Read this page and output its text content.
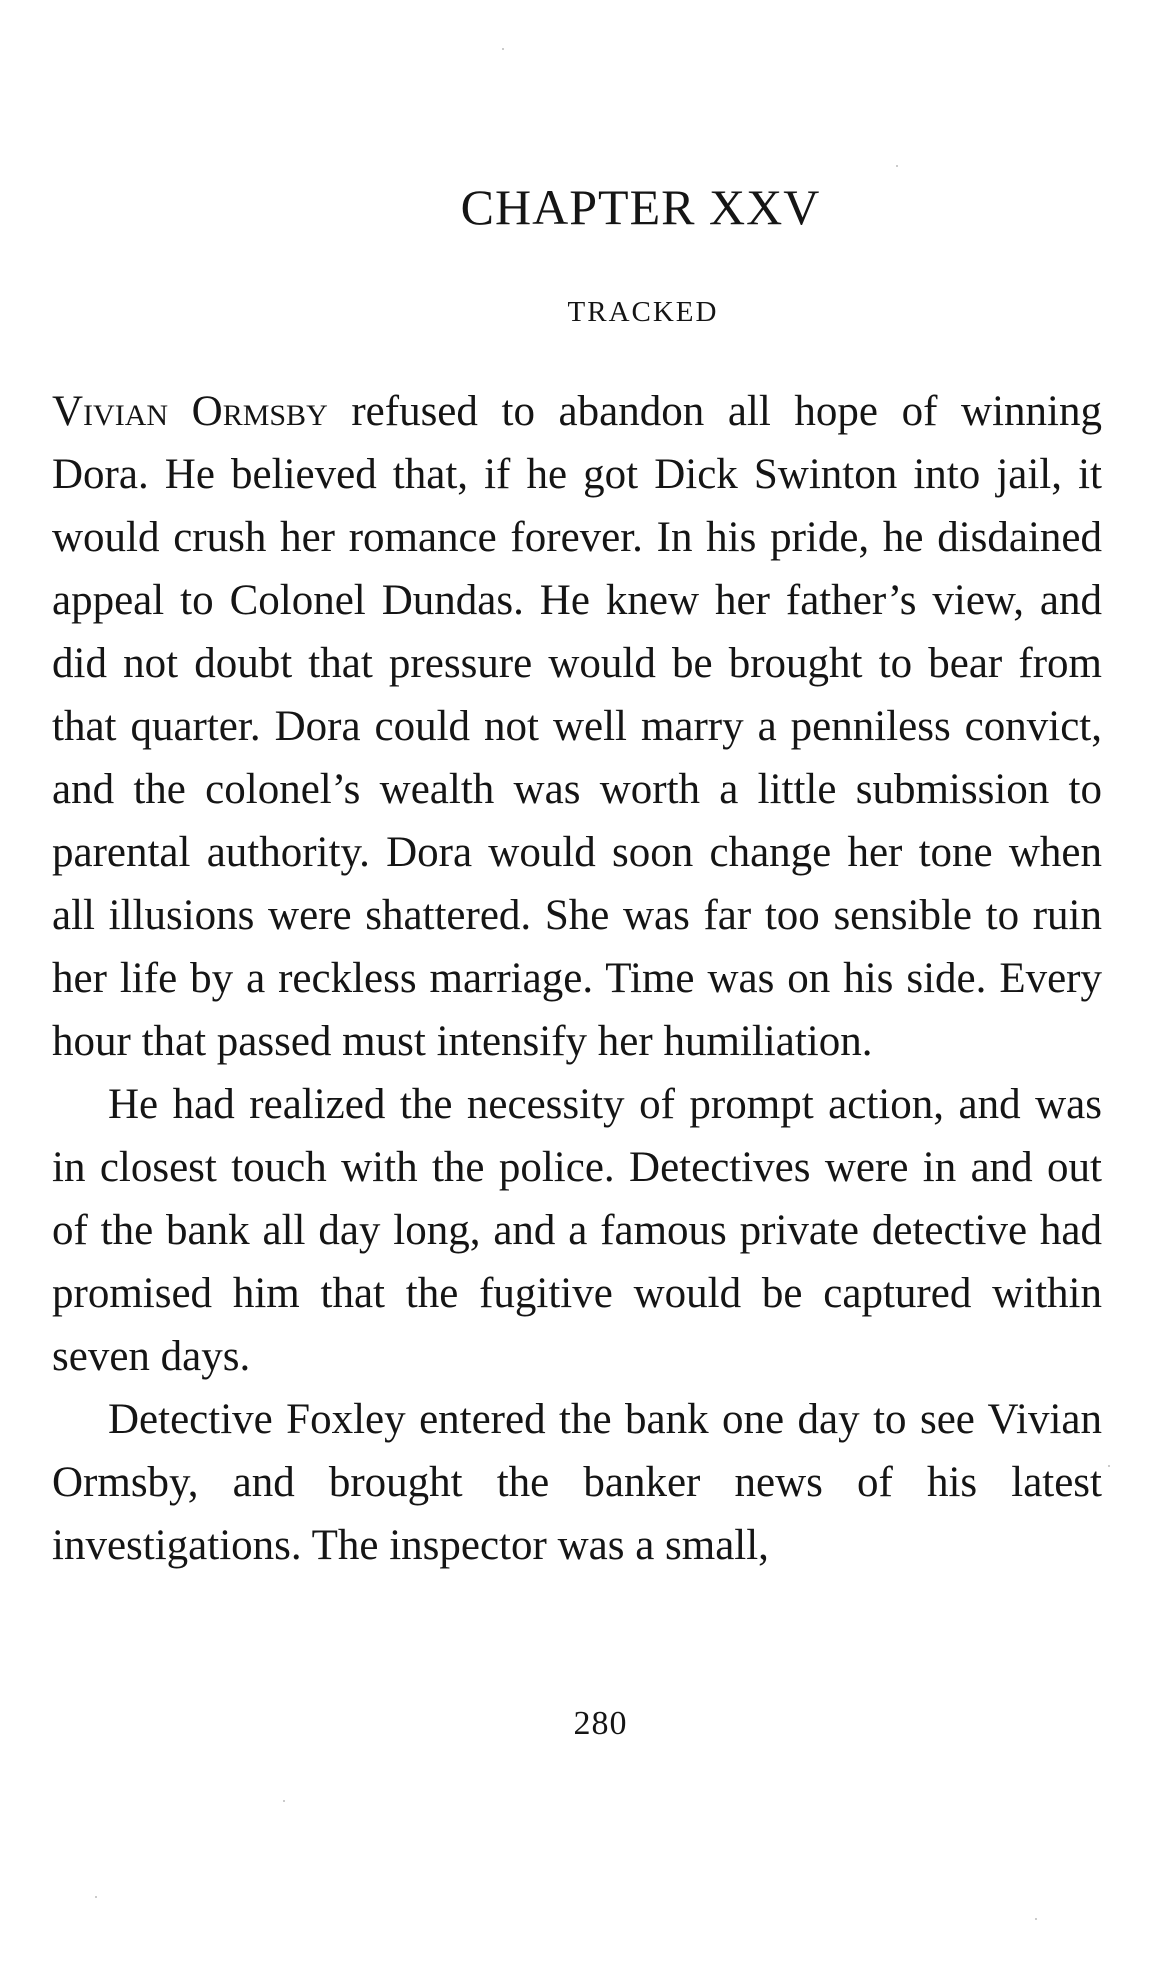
CHAPTER XXV
TRACKED

Vivian Ormsby refused to abandon all hope of winning Dora. He believed that, if he got Dick Swinton into jail, it would crush her romance forever. In his pride, he disdained appeal to Colonel Dundas. He knew her father’s view, and did not doubt that pressure would be brought to bear from that quarter. Dora could not well marry a penniless convict, and the colonel’s wealth was worth a little submission to parental authority. Dora would soon change her tone when all illusions were shattered. She was far too sensible to ruin her life by a reckless marriage. Time was on his side. Every hour that passed must intensify her humiliation.

He had realized the necessity of prompt action, and was in closest touch with the police. Detectives were in and out of the bank all day long, and a famous private detective had promised him that the fugitive would be captured within seven days.

Detective Foxley entered the bank one day to see Vivian Ormsby, and brought the banker news of his latest investigations. The inspector was a small,

280
